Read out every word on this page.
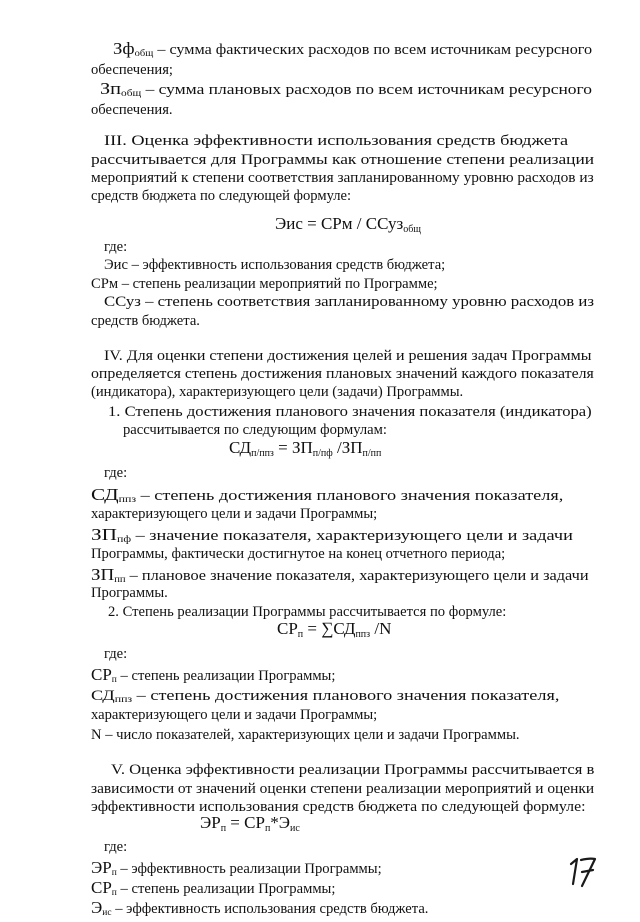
$Зф_{общ}$ – сумма фактических расходов по всем источникам ресурсного
обеспечения;
$Зп_{общ}$ – сумма плановых расходов по всем источникам ресурсного
обеспечения.
III. Оценка эффективности использования средств бюджета
рассчитывается для Программы как отношение степени реализации
мероприятий к степени соответствия запланированному уровню расходов из
средств бюджета по следующей формуле:
Эис = СРм / ССуз$_{общ}$
где:
Эис – эффективность использования средств бюджета;
СРм – степень реализации мероприятий по Программе;
ССуз – степень соответствия запланированному уровню расходов из
средств бюджета.
IV. Для оценки степени достижения целей и решения задач Программы
определяется степень достижения плановых значений каждого показателя
(индикатора), характеризующего цели (задачи) Программы.
1. Степень достижения планового значения показателя (индикатора)
рассчитывается по следующим формулам:
$СД_{п/ппз} = ЗП_{п/пф}$ $/ЗП_{п/пп}$
где:
$СД_{ппз}$ – степень достижения планового значения показателя,
характеризующего цели и задачи Программы;
$ЗП_{пф}$ – значение показателя, характеризующего цели и задачи
Программы, фактически достигнутое на конец отчетного периода;
$ЗП_{пп}$ – плановое значение показателя, характеризующего цели и задачи
Программы.
2. Степень реализации Программы рассчитывается по формуле:
$СР_п = \sum СД_{ппз}$ /N
где:
$СР_п$ – степень реализации Программы;
$СД_{ппз}$ – степень достижения планового значения показателя,
характеризующего цели и задачи Программы;
N – число показателей, характеризующих цели и задачи Программы.
V. Оценка эффективности реализации Программы рассчитывается в
зависимости от значений оценки степени реализации мероприятий и оценки
эффективности использования средств бюджета по следующей формуле:
$ЭР_п = СР_п*Э_{ис}$
где:
$ЭР_п$ – эффективность реализации Программы;
$СР_п$ – степень реализации Программы;
$Э_{ис}$ – эффективность использования средств бюджета.
